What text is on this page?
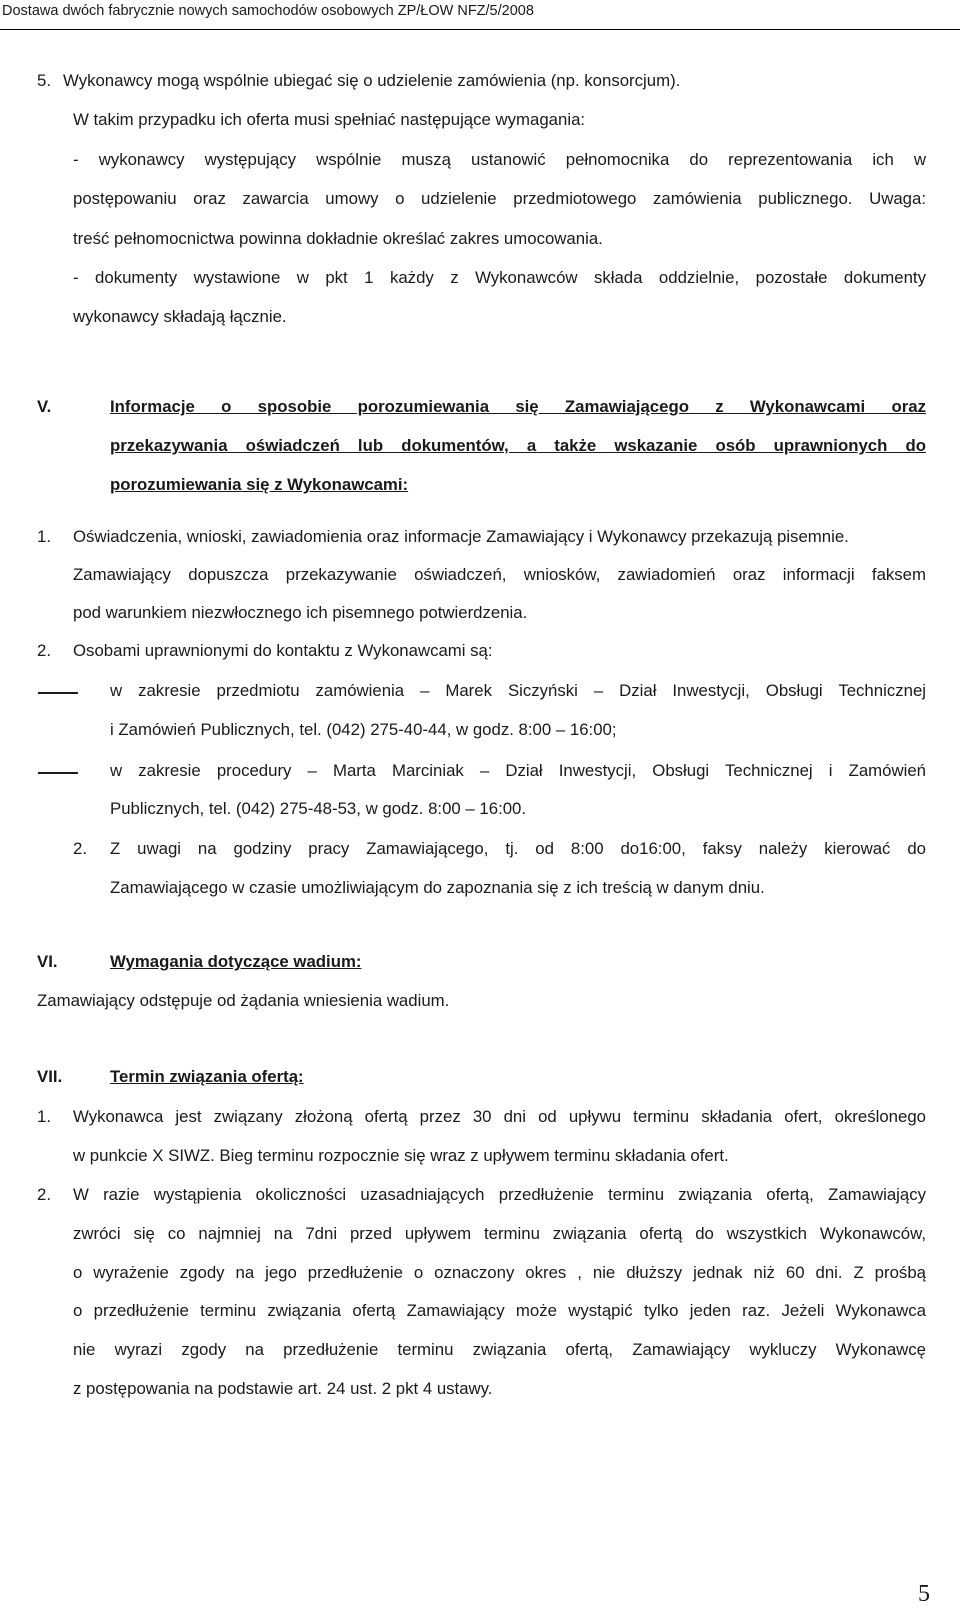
Dostawa dwóch fabrycznie nowych samochodów osobowych ZP/ŁOW NFZ/5/2008
5. Wykonawcy mogą wspólnie ubiegać się o udzielenie zamówienia (np. konsorcjum).
W takim przypadku ich oferta musi spełniać następujące wymagania:
- wykonawcy występujący wspólnie muszą ustanowić pełnomocnika do reprezentowania ich w
postępowaniu oraz zawarcia umowy o udzielenie przedmiotowego zamówienia publicznego. Uwaga:
treść pełnomocnictwa powinna dokładnie określać zakres umocowania.
- dokumenty wystawione w pkt 1 każdy z Wykonawców składa oddzielnie, pozostałe dokumenty
wykonawcy składają łącznie.
V.	Informacje o sposobie porozumiewania się Zamawiającego z Wykonawcami oraz
przekazywania oświadczeń lub dokumentów, a także wskazanie osób uprawnionych do
porozumiewania się z Wykonawcami:
1. Oświadczenia, wnioski, zawiadomienia oraz informacje Zamawiający i Wykonawcy przekazują pisemnie.
Zamawiający dopuszcza przekazywanie oświadczeń, wniosków, zawiadomień oraz informacji faksem
pod warunkiem niezwłocznego ich pisemnego potwierdzenia.
2. Osobami uprawnionymi do kontaktu z Wykonawcami są:
w zakresie przedmiotu zamówienia – Marek Siczyński – Dział Inwestycji, Obsługi Technicznej
i Zamówień Publicznych, tel. (042) 275-40-44, w godz. 8:00 – 16:00;
w zakresie procedury – Marta Marciniak – Dział Inwestycji, Obsługi Technicznej i Zamówień
Publicznych, tel. (042) 275-48-53, w godz. 8:00 – 16:00.
2. Z uwagi na godziny pracy Zamawiającego, tj. od 8:00 do16:00, faksy należy kierować do
Zamawiającego w czasie umożliwiającym do zapoznania się z ich treścią w danym dniu.
VI.	Wymagania dotyczące wadium:
Zamawiający odstępuje od żądania wniesienia wadium.
VII.	Termin związania ofertą:
1. Wykonawca jest związany złożoną ofertą przez 30 dni od upływu terminu składania ofert, określonego
w punkcie X SIWZ. Bieg terminu rozpocznie się wraz z upływem terminu składania ofert.
2. W razie wystąpienia okoliczności uzasadniających przedłużenie terminu związania ofertą, Zamawiający
zwróci się co najmniej na 7dni przed upływem terminu związania ofertą do wszystkich Wykonawców,
o wyrażenie zgody na jego przedłużenie o oznaczony okres , nie dłuższy jednak niż 60 dni. Z prośbą
o przedłużenie terminu związania ofertą Zamawiający może wystąpić tylko jeden raz. Jeżeli Wykonawca
nie wyrazi zgody na przedłużenie terminu związania ofertą, Zamawiający wykluczy Wykonawcę
z postępowania na podstawie art. 24 ust. 2 pkt 4 ustawy.
5
